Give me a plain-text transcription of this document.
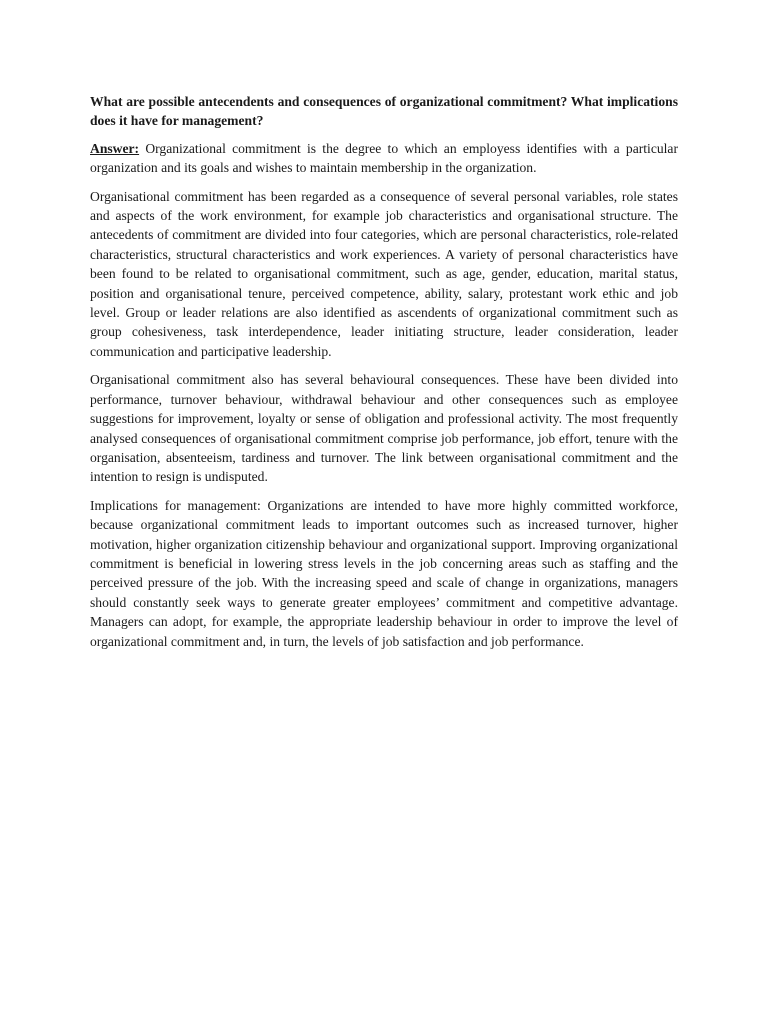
What are possible antecendents and consequences of organizational commitment? What implications does it have for management?

Answer: Organizational commitment is the degree to which an employess identifies with a particular organization and its goals and wishes to maintain membership in the organization.

Organisational commitment has been regarded as a consequence of several personal variables, role states and aspects of the work environment, for example job characteristics and organisational structure. The antecedents of commitment are divided into four categories, which are personal characteristics, role-related characteristics, structural characteristics and work experiences. A variety of personal characteristics have been found to be related to organisational commitment, such as age, gender, education, marital status, position and organisational tenure, perceived competence, ability, salary, protestant work ethic and job level. Group or leader relations are also identified as ascendents of organizational commitment such as group cohesiveness, task interdependence, leader initiating structure, leader consideration, leader communication and participative leadership.

Organisational commitment also has several behavioural consequences. These have been divided into performance, turnover behaviour, withdrawal behaviour and other consequences such as employee suggestions for improvement, loyalty or sense of obligation and professional activity. The most frequently analysed consequences of organisational commitment comprise job performance, job effort, tenure with the organisation, absenteeism, tardiness and turnover. The link between organisational commitment and the intention to resign is undisputed.

Implications for management: Organizations are intended to have more highly committed workforce, because organizational commitment leads to important outcomes such as increased turnover, higher motivation, higher organization citizenship behaviour and organizational support. Improving organizational commitment is beneficial in lowering stress levels in the job concerning areas such as staffing and the perceived pressure of the job. With the increasing speed and scale of change in organizations, managers should constantly seek ways to generate greater employees’ commitment and competitive advantage. Managers can adopt, for example, the appropriate leadership behaviour in order to improve the level of organizational commitment and, in turn, the levels of job satisfaction and job performance.
